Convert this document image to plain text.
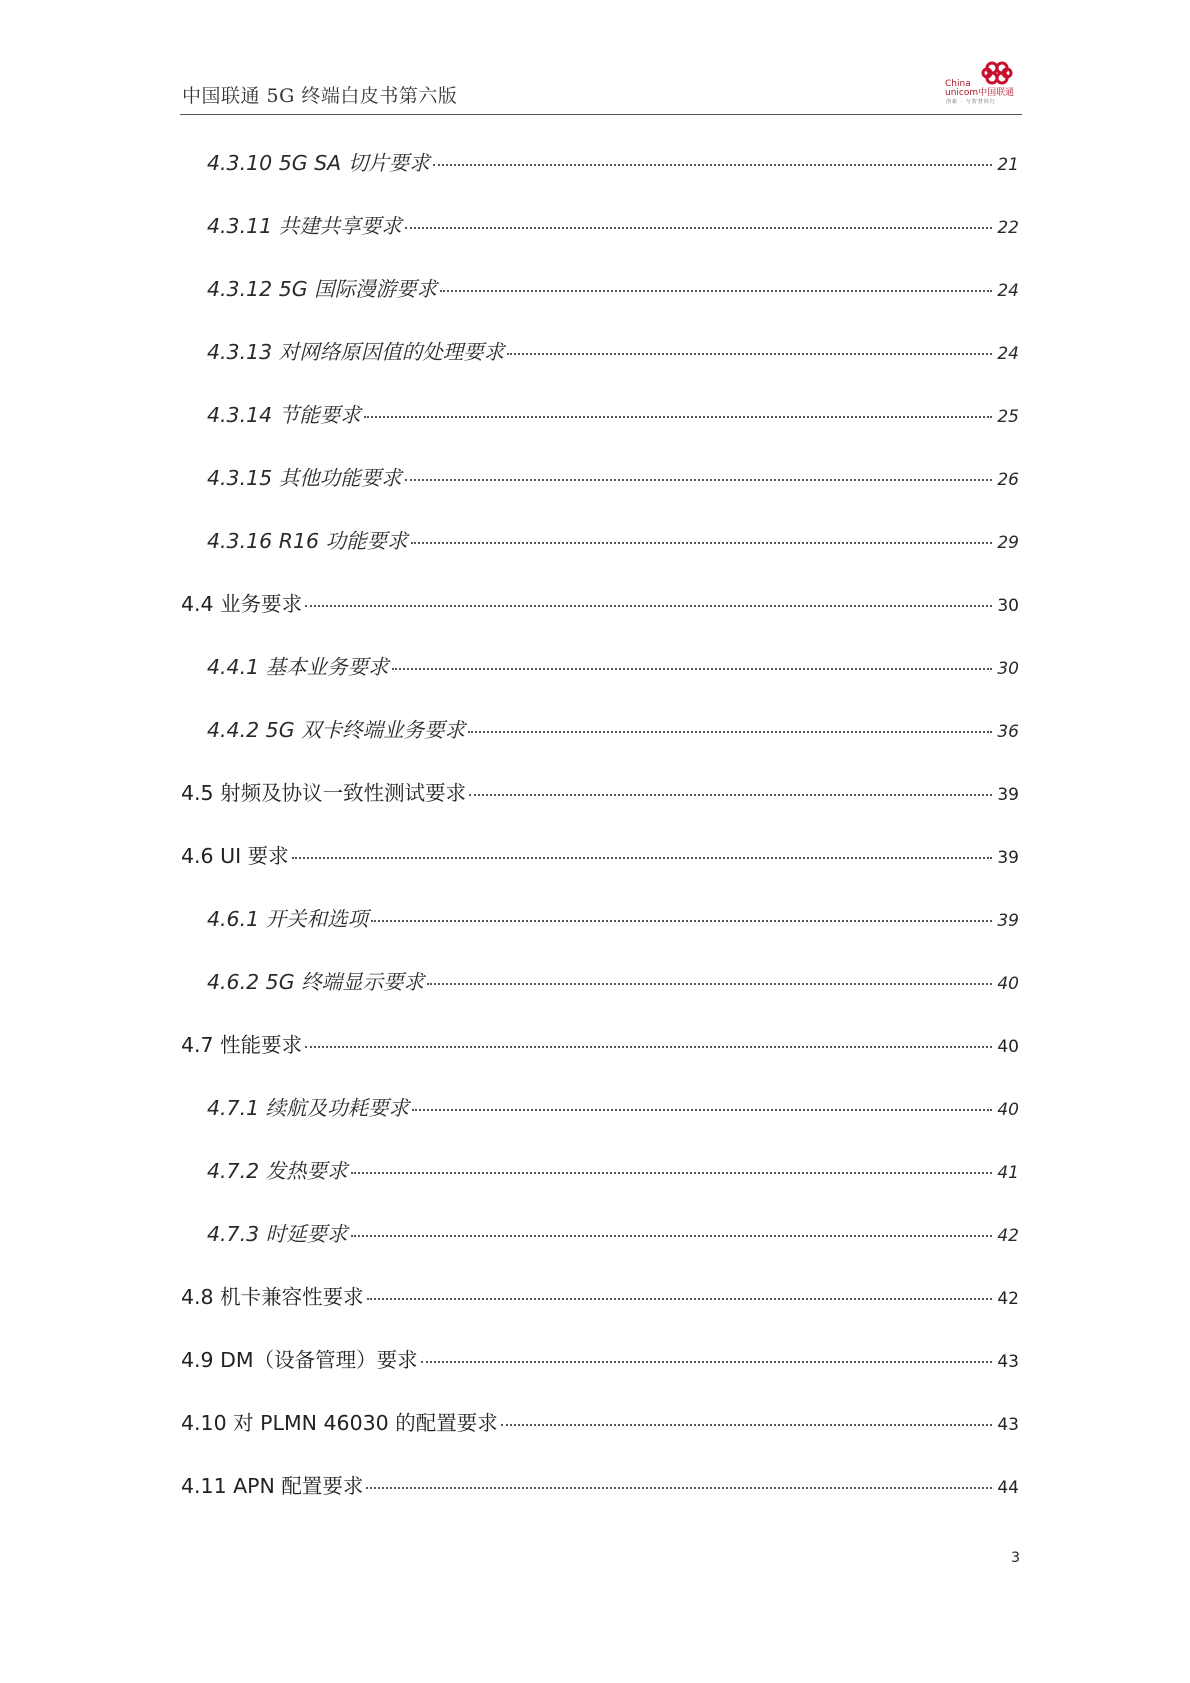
中国联通 5G 终端白皮书第六版
China
unicom中国联通
创新 · 与智慧同行
4.3.10 5G SA 切片要求	21
4.3.11 共建共享要求	22
4.3.12 5G 国际漫游要求	24
4.3.13 对网络原因值的处理要求	24
4.3.14 节能要求	25
4.3.15 其他功能要求	26
4.3.16 R16 功能要求	29
4.4 业务要求	30
4.4.1 基本业务要求	30
4.4.2 5G 双卡终端业务要求	36
4.5 射频及协议一致性测试要求	39
4.6 UI 要求	39
4.6.1 开关和选项	39
4.6.2 5G 终端显示要求	40
4.7 性能要求	40
4.7.1 续航及功耗要求	40
4.7.2 发热要求	41
4.7.3 时延要求	42
4.8 机卡兼容性要求	42
4.9 DM（设备管理）要求	43
4.10 对 PLMN 46030 的配置要求	43
4.11 APN 配置要求	44
3
